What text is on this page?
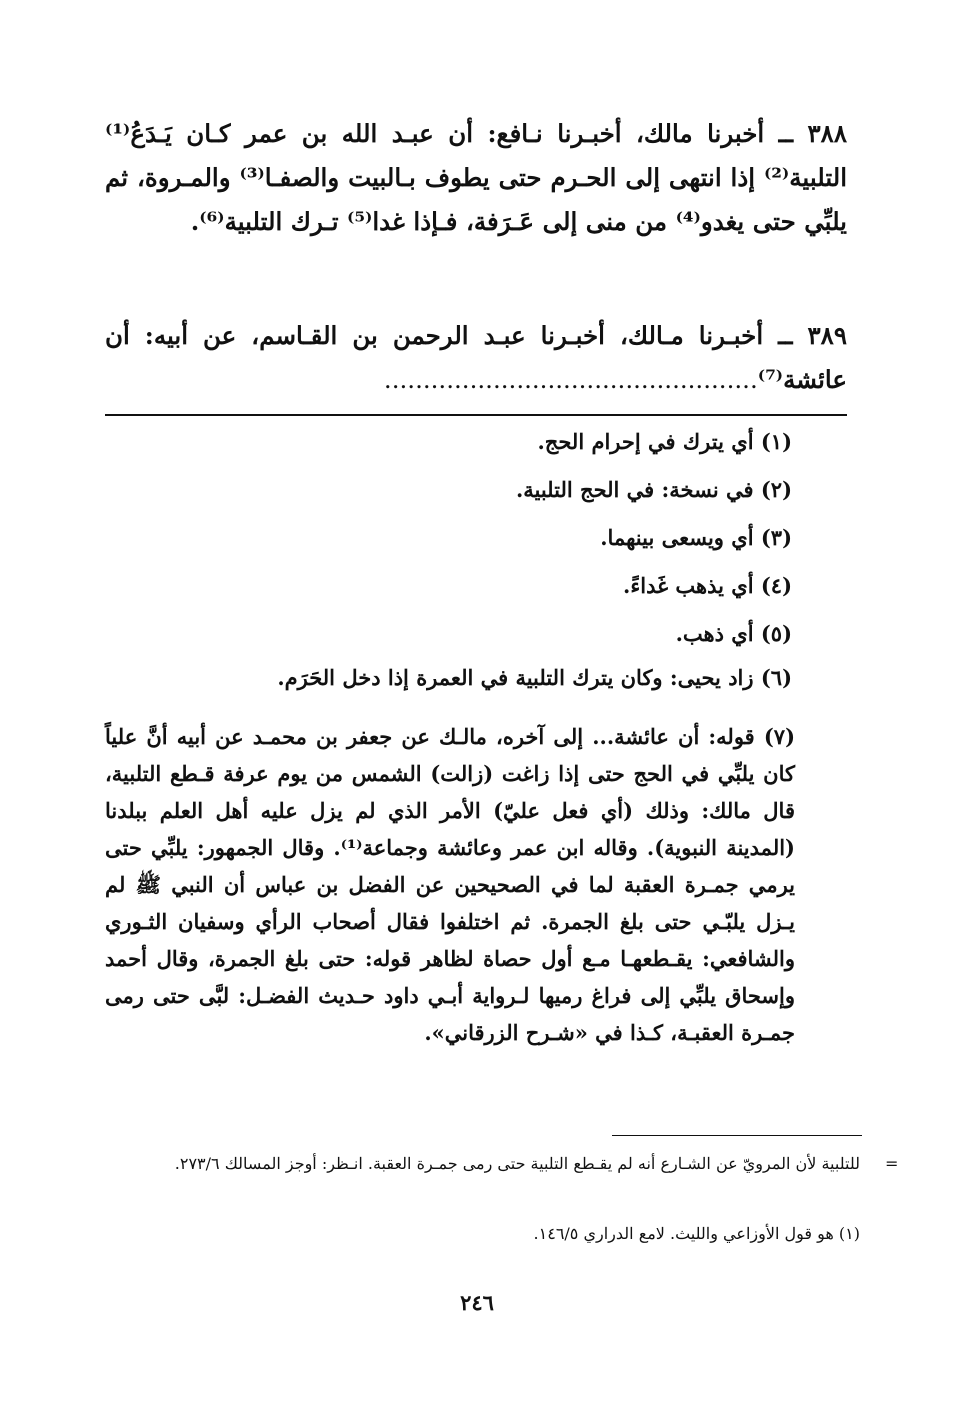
٣٨٨ ــ أخبرنا مالك، أخبـرنا نـافع: أن عبـد الله بن عمر كـان يَـدَعُ⁽¹⁾ التلبية⁽²⁾ إذا انتهى إلى الحـرم حتى يطوف بـالبيت والصفـا⁽³⁾ والمـروة، ثم يلبِّي حتى يغدو⁽⁴⁾ من منى إلى عَـرَفة، فـإذا غدا⁽⁵⁾ تـرك التلبية⁽⁶⁾.
٣٨٩ ــ أخبـرنا مـالك، أخبـرنا عبـد الرحمن بن القـاسم، عن أبيه: أن عائشة⁽⁷⁾................................................
(١) أي يترك في إحرام الحج.
(٢) في نسخة: في الحج التلبية.
(٣) أي ويسعى بينهما.
(٤) أي يذهب غَداءً.
(٥) أي ذهب.
(٦) زاد يحيى: وكان يترك التلبية في العمرة إذا دخل الحَرَم.
(٧) قوله: أن عائشة... إلى آخره، مالـك عن جعفر بن محمـد عن أبيه أنَّ علياً كان يلبِّي في الحج حتى إذا زاغت (زالت) الشمس من يوم عرفة قـطع التلبية، قال مالك: وذلك (أي فعل عليّ) الأمر الذي لم يزل عليه أهل العلم ببلدنا (المدينة النبوية). وقاله ابن عمر وعائشة وجماعة⁽¹⁾. وقال الجمهور: يلبِّي حتى يرمي جمـرة العقبة لما في الصحيحين عن الفضل بن عباس أن النبي ﷺ لم يـزل يلبّـي حتى بلغ الجمرة. ثم اختلفوا فقال أصحاب الرأي وسفيان الثـوري والشافعي: يقـطعهـا مـع أول حصاة لظاهر قوله: حتى بلغ الجمرة، وقال أحمد وإسحاق يلبِّي إلى فراغ رميها لـرواية أبـي داود حـديث الفضـل: لبَّى حتى رمى جمـرة العقبـة، كـذا في «شـرح الزرقاني».
=
للتلبية لأن المرويّ عن الشـارع أنه لم يقـطع التلبية حتى رمى جمـرة العقبة. انـظر: أوجز المسالك ٢٧٣/٦.
(١) هو قول الأوزاعي والليث. لامع الدراري ١٤٦/٥.
٢٤٦
